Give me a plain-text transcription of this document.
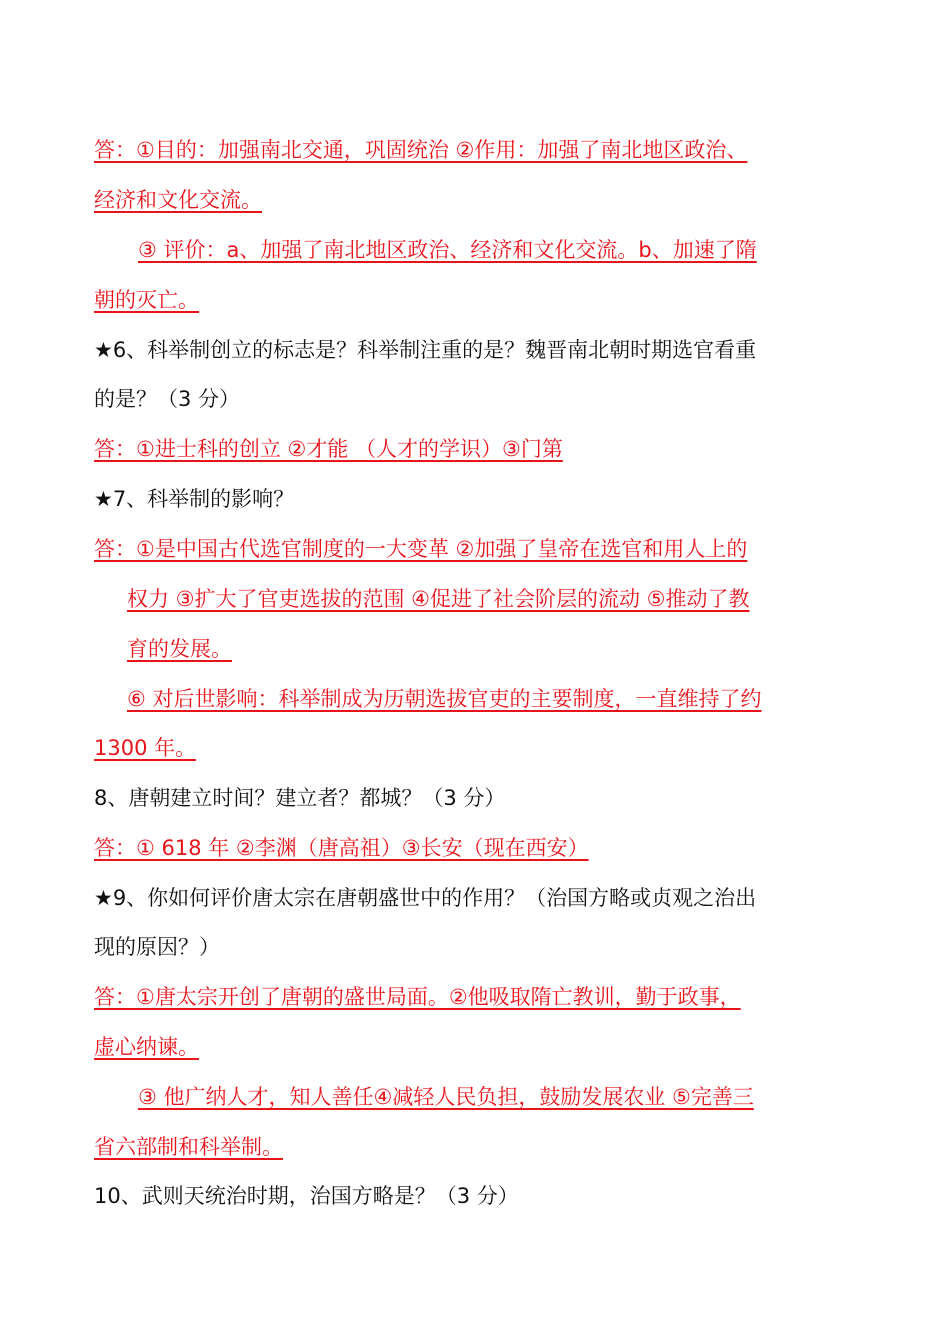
答：①目的：加强南北交通，巩固统治 ②作用：加强了南北地区政治、
经济和文化交流。
③ 评价：a、加强了南北地区政治、经济和文化交流。b、加速了隋
朝的灭亡。
★6、科举制创立的标志是？科举制注重的是？魏晋南北朝时期选官看重
的是？（3 分）
答：①进士科的创立 ②才能 （人才的学识）③门第
★7、科举制的影响？
答：①是中国古代选官制度的一大变革 ②加强了皇帝在选官和用人上的
权力 ③扩大了官吏选拔的范围 ④促进了社会阶层的流动 ⑤推动了教
育的发展。
⑥ 对后世影响：科举制成为历朝选拔官吏的主要制度，一直维持了约
1300 年。
8、唐朝建立时间？建立者？都城？（3 分）
答：① 618 年 ②李渊（唐高祖）③长安（现在西安）
★9、你如何评价唐太宗在唐朝盛世中的作用？（治国方略或贞观之治出
现的原因？）
答：①唐太宗开创了唐朝的盛世局面。②他吸取隋亡教训，勤于政事，
虚心纳谏。
③ 他广纳人才，知人善任④减轻人民负担，鼓励发展农业 ⑤完善三
省六部制和科举制。
10、武则天统治时期，治国方略是？（3 分）
